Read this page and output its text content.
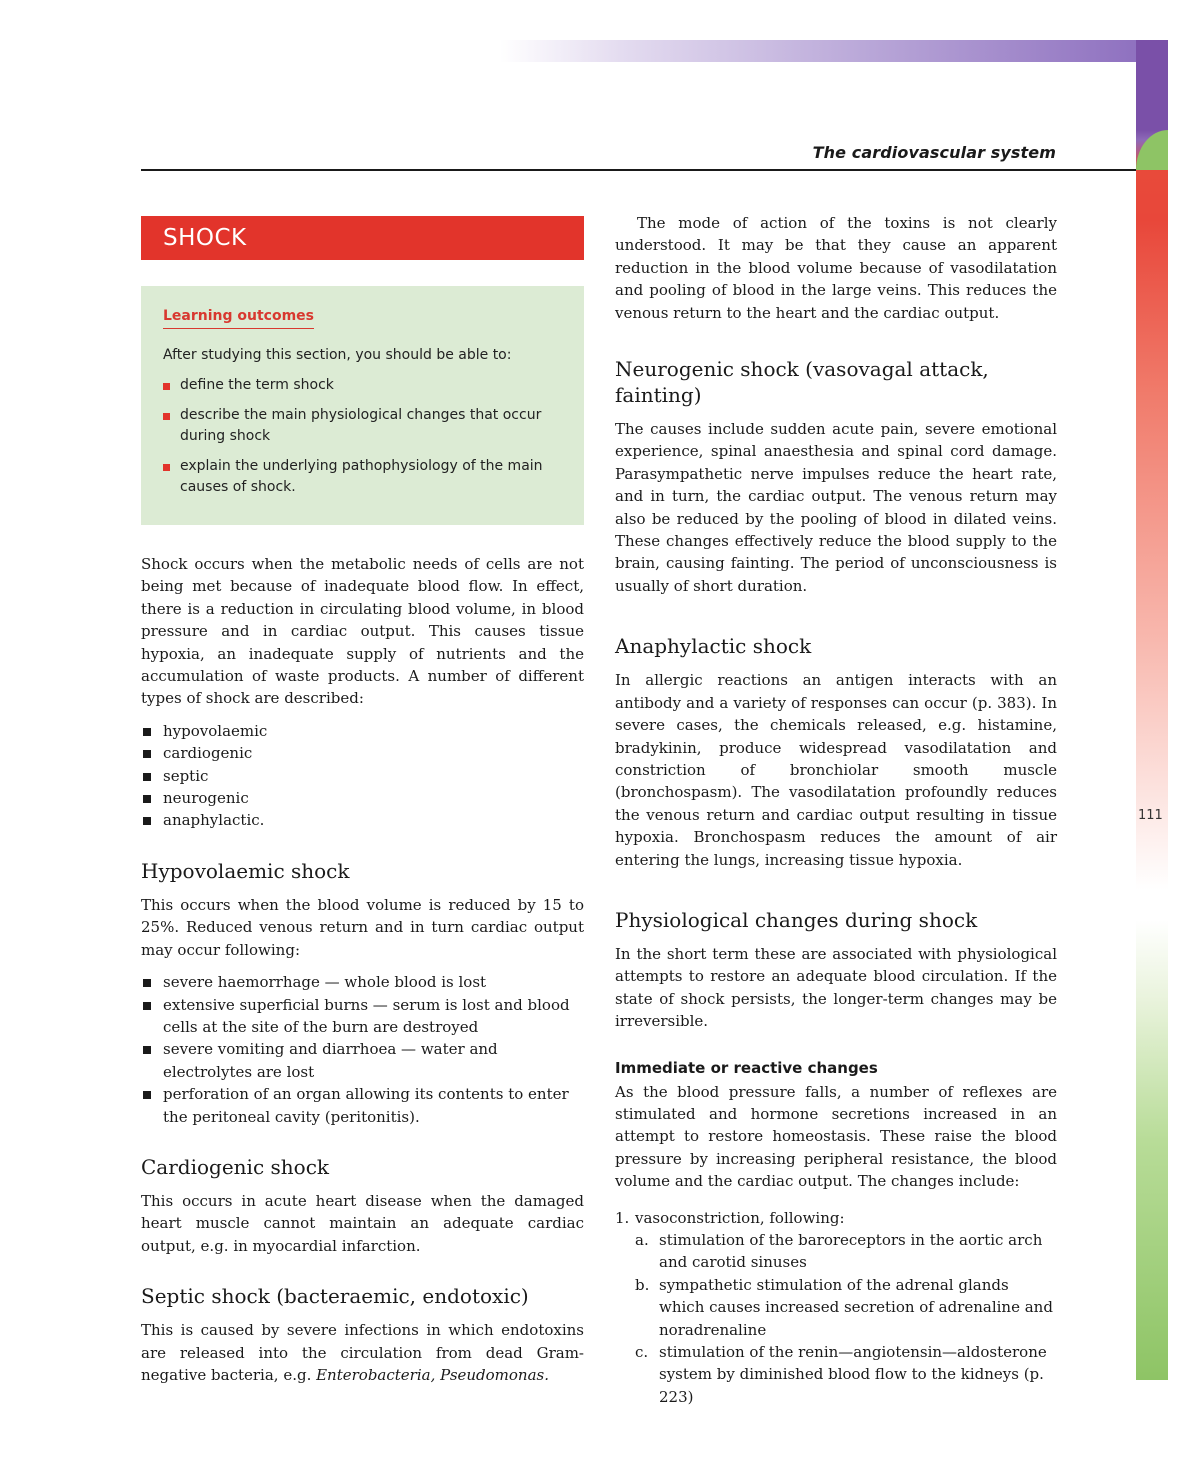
The cardiovascular system
111
SHOCK
Learning outcomes
After studying this section, you should be able to:
define the term shock
describe the main physiological changes that occur during shock
explain the underlying pathophysiology of the main causes of shock.

Shock occurs when the metabolic needs of cells are not being met because of inadequate blood flow. In effect, there is a reduction in circulating blood volume, in blood pressure and in cardiac output. This causes tissue hypoxia, an inadequate supply of nutrients and the accumulation of waste products. A number of different types of shock are described:

hypovolaemic
cardiogenic
septic
neurogenic
anaphylactic.
Hypovolaemic shock

This occurs when the blood volume is reduced by 15 to 25%. Reduced venous return and in turn cardiac output may occur following:

severe haemorrhage — whole blood is lost
extensive superficial burns — serum is lost and blood cells at the site of the burn are destroyed
severe vomiting and diarrhoea — water and electrolytes are lost
perforation of an organ allowing its contents to enter the peritoneal cavity (peritonitis).
Cardiogenic shock

This occurs in acute heart disease when the damaged heart muscle cannot maintain an adequate cardiac output, e.g. in myocardial infarction.

Septic shock (bacteraemic, endotoxic)

This is caused by severe infections in which endotoxins are released into the circulation from dead Gram-negative bacteria, e.g. Enterobacteria, Pseudomonas.

The mode of action of the toxins is not clearly understood. It may be that they cause an apparent reduction in the blood volume because of vasodilatation and pooling of blood in the large veins. This reduces the venous return to the heart and the cardiac output.

Neurogenic shock (vasovagal attack, fainting)

The causes include sudden acute pain, severe emotional experience, spinal anaesthesia and spinal cord damage. Parasympathetic nerve impulses reduce the heart rate, and in turn, the cardiac output. The venous return may also be reduced by the pooling of blood in dilated veins. These changes effectively reduce the blood supply to the brain, causing fainting. The period of unconsciousness is usually of short duration.

Anaphylactic shock

In allergic reactions an antigen interacts with an antibody and a variety of responses can occur (p. 383). In severe cases, the chemicals released, e.g. histamine, bradykinin, produce widespread vasodilatation and constriction of bronchiolar smooth muscle (bronchospasm). The vasodilatation profoundly reduces the venous return and cardiac output resulting in tissue hypoxia. Bronchospasm reduces the amount of air entering the lungs, increasing tissue hypoxia.

Physiological changes during shock

In the short term these are associated with physiological attempts to restore an adequate blood circulation. If the state of shock persists, the longer-term changes may be irreversible.

Immediate or reactive changes

As the blood pressure falls, a number of reflexes are stimulated and hormone secretions increased in an attempt to restore homeostasis. These raise the blood pressure by increasing peripheral resistance, the blood volume and the cardiac output. The changes include:

1. vasoconstriction, following:
a. stimulation of the baroreceptors in the aortic arch and carotid sinuses
b. sympathetic stimulation of the adrenal glands which causes increased secretion of adrenaline and noradrenaline
c. stimulation of the renin—angiotensin—aldosterone system by diminished blood flow to the kidneys (p. 223)
